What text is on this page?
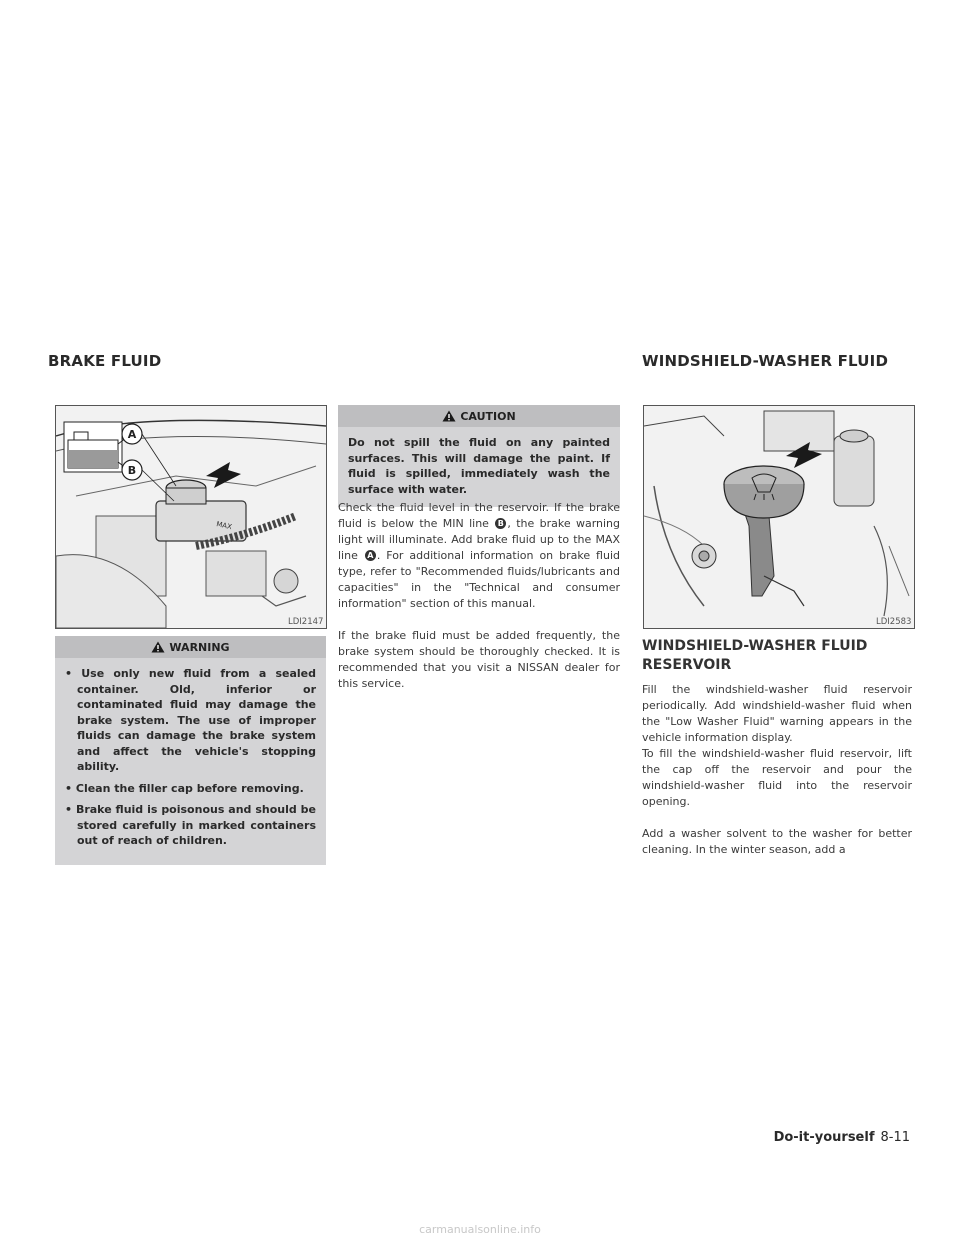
BRAKE FLUID	WINDSHIELD-WASHER FLUID
MAX
A
B
LDI2147	LDI2583
WARNING
• Use only new fluid from a sealed container. Old, inferior or contaminated fluid may damage the brake system. The use of improper fluids can damage the brake system and affect the vehicle's stopping ability.
• Clean the filler cap before removing.
• Brake fluid is poisonous and should be stored carefully in marked containers out of reach of children.
CAUTION

Do not spill the fluid on any painted surfaces. This will damage the paint. If fluid is spilled, immediately wash the surface with water.

Check the fluid level in the reservoir. If the brake fluid is below the MIN line B , the brake warning light will illuminate. Add brake fluid up to the MAX line A . For additional information on brake fluid type, refer to "Recommended fluids/lubricants and capacities" in the "Technical and consumer information" section of this manual.

If the brake fluid must be added frequently, the brake system should be thoroughly checked. It is recommended that you visit a NISSAN dealer for this service.

WINDSHIELD-WASHER FLUID RESERVOIR

Fill the windshield-washer fluid reservoir periodically. Add windshield-washer fluid when the "Low Washer Fluid" warning appears in the vehicle information display.

To fill the windshield-washer fluid reservoir, lift the cap off the reservoir and pour the windshield-washer fluid into the reservoir opening.

Add a washer solvent to the washer for better cleaning. In the winter season, add a

Do-it-yourself 8-11
carmanualsonline.info
